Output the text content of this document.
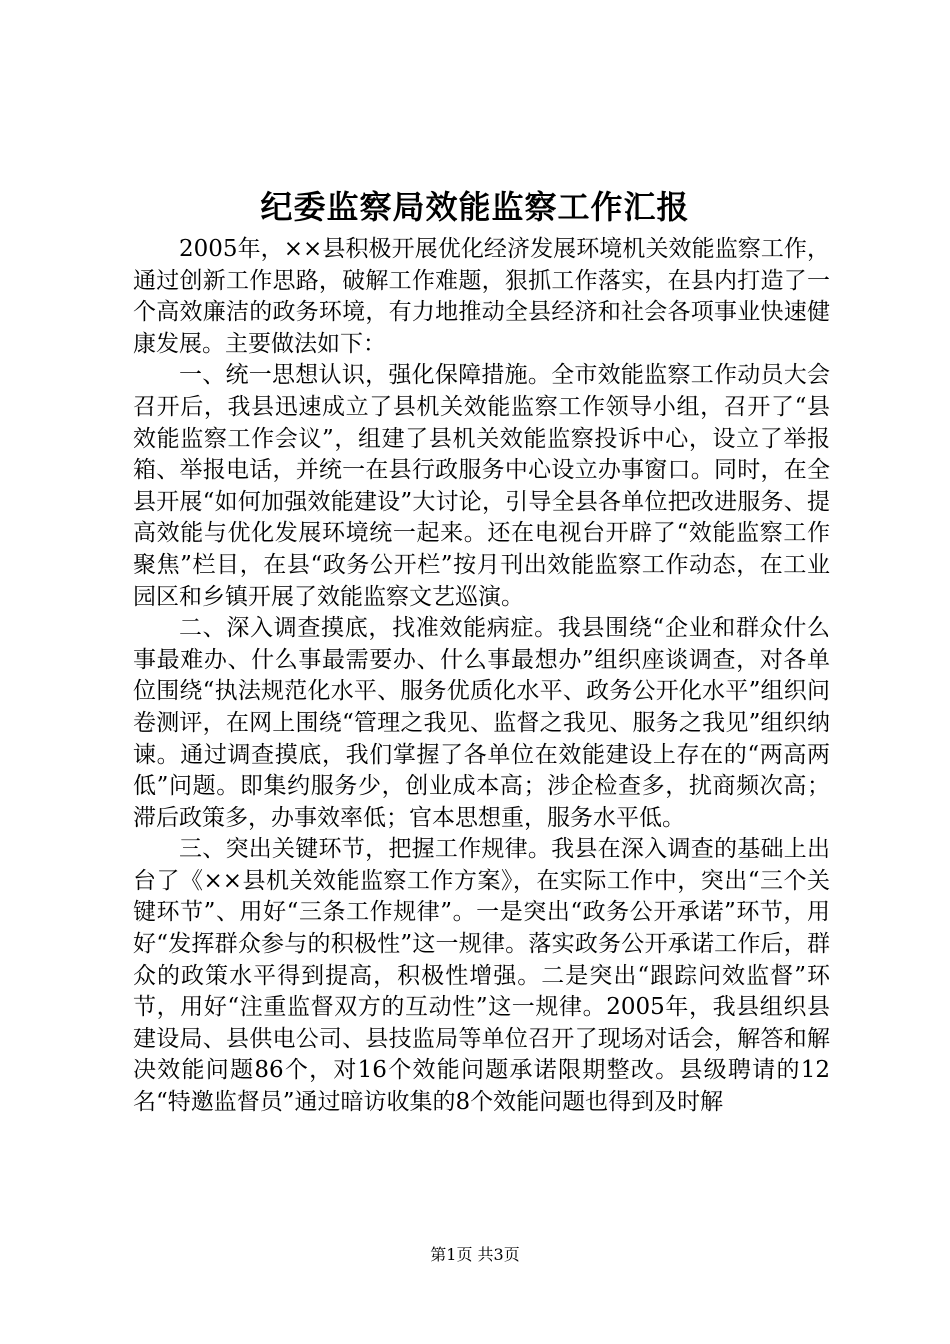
纪委监察局效能监察工作汇报

2005年，××县积极开展优化经济发展环境机关效能监察工作，通过创新工作思路，破解工作难题，狠抓工作落实，在县内打造了一个高效廉洁的政务环境，有力地推动全县经济和社会各项事业快速健康发展。主要做法如下：

一、统一思想认识，强化保障措施。全市效能监察工作动员大会召开后，我县迅速成立了县机关效能监察工作领导小组，召开了“县效能监察工作会议”，组建了县机关效能监察投诉中心，设立了举报箱、举报电话，并统一在县行政服务中心设立办事窗口。同时，在全县开展“如何加强效能建设”大讨论，引导全县各单位把改进服务、提高效能与优化发展环境统一起来。还在电视台开辟了“效能监察工作聚焦”栏目，在县“政务公开栏”按月刊出效能监察工作动态，在工业园区和乡镇开展了效能监察文艺巡演。

二、深入调查摸底，找准效能病症。我县围绕“企业和群众什么事最难办、什么事最需要办、什么事最想办”组织座谈调查，对各单位围绕“执法规范化水平、服务优质化水平、政务公开化水平”组织问卷测评，在网上围绕“管理之我见、监督之我见、服务之我见”组织纳谏。通过调查摸底，我们掌握了各单位在效能建设上存在的“两高两低”问题。即集约服务少，创业成本高；涉企检查多，扰商频次高；滞后政策多，办事效率低；官本思想重，服务水平低。

三、突出关键环节，把握工作规律。我县在深入调查的基础上出台了《××县机关效能监察工作方案》，在实际工作中，突出“三个关键环节”、用好“三条工作规律”。一是突出“政务公开承诺”环节，用好“发挥群众参与的积极性”这一规律。落实政务公开承诺工作后，群众的政策水平得到提高，积极性增强。二是突出“跟踪问效监督”环节，用好“注重监督双方的互动性”这一规律。2005年，我县组织县建设局、县供电公司、县技监局等单位召开了现场对话会，解答和解决效能问题86个，对16个效能问题承诺限期整改。县级聘请的12名“特邀监督员”通过暗访收集的8个效能问题也得到及时解

第1页 共3页
